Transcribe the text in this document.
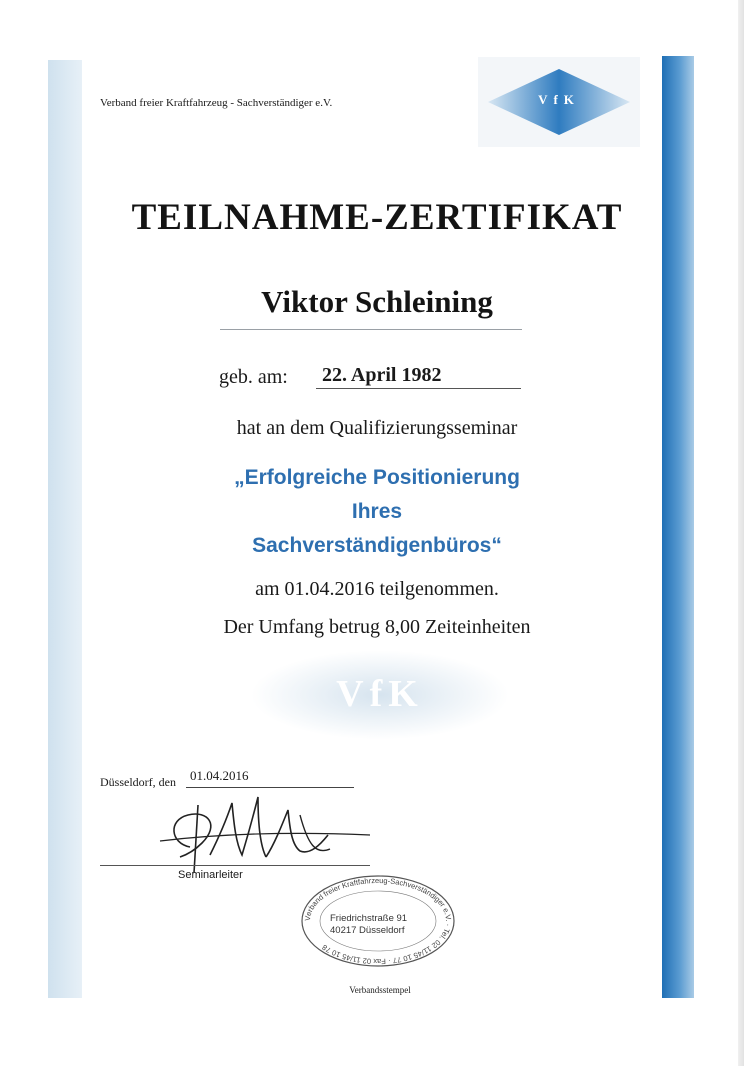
Verband freier Kraftfahrzeug - Sachverständiger e.V.	VfK
TEILNAHME-ZERTIFIKAT
Viktor Schleining
geb. am: 22. April 1982
hat an dem Qualifizierungsseminar
„Erfolgreiche Positionierung
Ihres
Sachverständigenbüros“
am 01.04.2016 teilgenommen.
Der Umfang betrug 8,00 Zeiteinheiten
VfK
Düsseldorf, den 01.04.2016
Seminarleiter
Verband freier Kraftfahrzeug-Sachverständiger e.V. · Tel. 02 11/45 10 77 · Fax 02 11/45 10 78
Friedrichstraße 91
40217 Düsseldorf
Verbandsstempel
